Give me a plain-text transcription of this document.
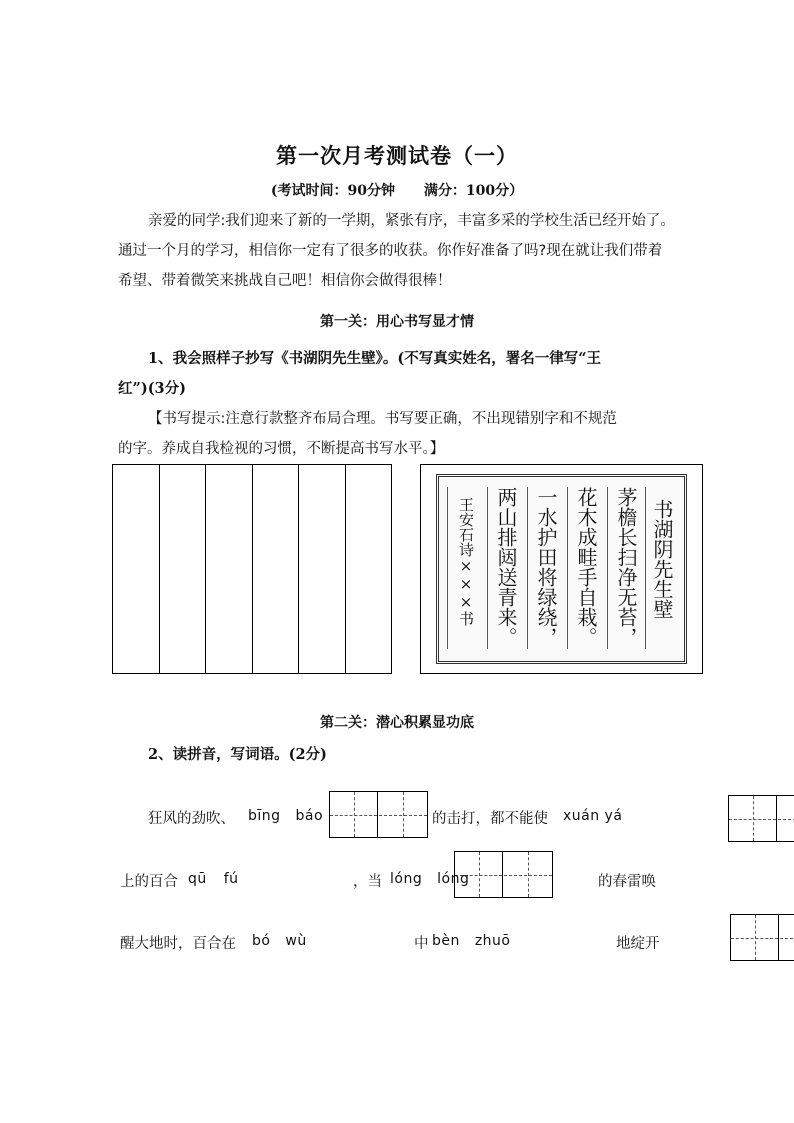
第一次月考测试卷（一）
(考试时间：90分钟 满分：100分）
亲爱的同学:我们迎来了新的一学期，紧张有序，丰富多采的学校生活已经开始了。
通过一个月的学习，相信你一定有了很多的收获。你作好准备了吗?现在就让我们带着
希望、带着微笑来挑战自己吧！相信你会做得很棒！
第一关：用心书写显才情
1、我会照样子抄写《书湖阴先生壁》。(不写真实姓名，署名一律写“王
红”)(3分)
【书写提示:注意行款整齐布局合理。书写要正确，不出现错别字和不规范
的字。养成自我检视的习惯，不断提高书写水平。】
书湖阴先生壁
茅檐长扫净无苔，
花木成畦手自栽。
一水护田将绿绕，
两山排闼送青来。
王安石诗×××书
第二关：潜心积累显功底
2、读拼音，写词语。(2分)
狂风的劲吹、 bīng báo
	的击打，都不能使 xuán yá

上的百合 qū fú
	，当 lóng lóng
	的春雷唤
醒大地时，百合在 bó wù
	中 bèn zhuō	地绽开
